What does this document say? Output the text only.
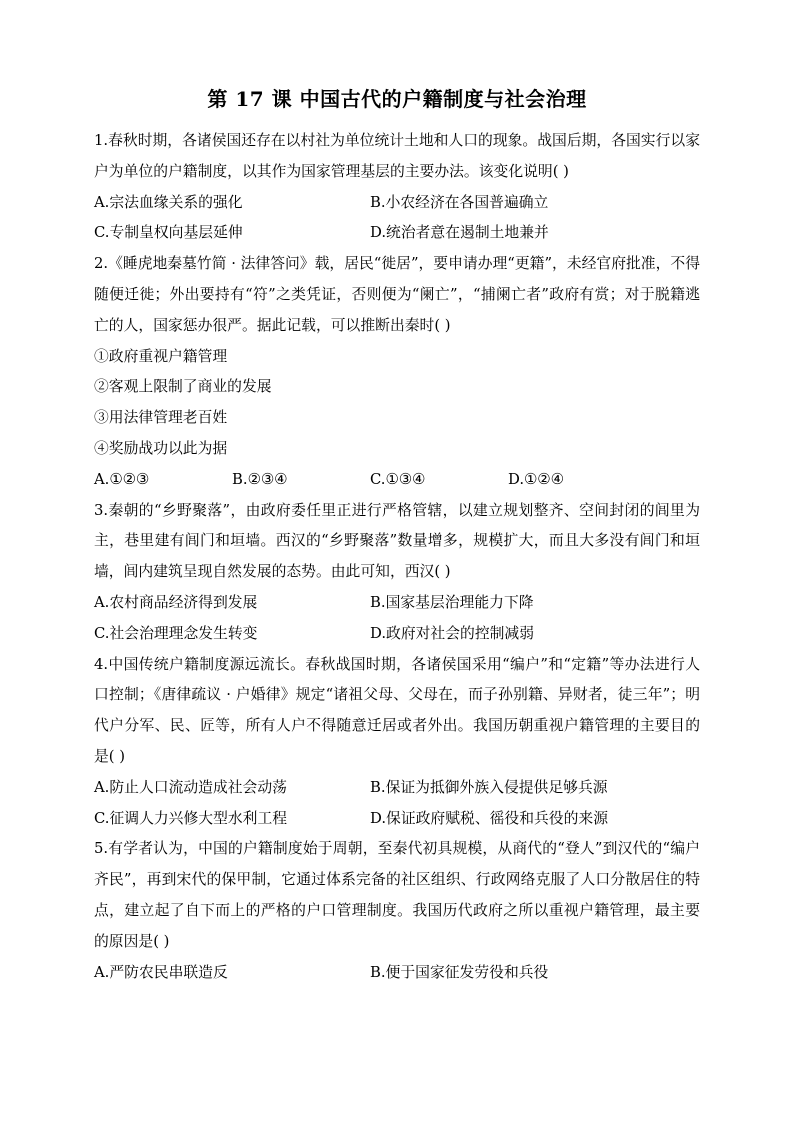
第 17 课 中国古代的户籍制度与社会治理

1.春秋时期，各诸侯国还存在以村社为单位统计土地和人口的现象。战国后期，各国实行以家户为单位的户籍制度，以其作为国家管理基层的主要办法。该变化说明( )

A.宗法血缘关系的强化	B.小农经济在各国普遍确立
C.专制皇权向基层延伸	D.统治者意在遏制土地兼并

2.《睡虎地秦墓竹简 · 法律答问》载，居民“徙居”，要申请办理“更籍”，未经官府批准，不得随便迁徙；外出要持有“符”之类凭证，否则便为“阑亡”，“捕阑亡者”政府有赏；对于脱籍逃亡的人，国家惩办很严。据此记载，可以推断出秦时( )

①政府重视户籍管理

②客观上限制了商业的发展

③用法律管理老百姓

④奖励战功以此为据

A.①②③	B.②③④	C.①③④	D.①②④

3.秦朝的“乡野聚落”，由政府委任里正进行严格管辖，以建立规划整齐、空间封闭的闾里为主，巷里建有闾门和垣墙。西汉的“乡野聚落”数量增多，规模扩大，而且大多没有闾门和垣墙，闾内建筑呈现自然发展的态势。由此可知，西汉( )

A.农村商品经济得到发展	B.国家基层治理能力下降
C.社会治理理念发生转变	D.政府对社会的控制减弱

4.中国传统户籍制度源远流长。春秋战国时期，各诸侯国采用“编户”和“定籍”等办法进行人口控制；《唐律疏议 · 户婚律》规定“诸祖父母、父母在，而子孙别籍、异财者，徒三年”；明代户分军、民、匠等，所有人户不得随意迁居或者外出。我国历朝重视户籍管理的主要目的是( )

A.防止人口流动造成社会动荡	B.保证为抵御外族入侵提供足够兵源
C.征调人力兴修大型水利工程	D.保证政府赋税、徭役和兵役的来源

5.有学者认为，中国的户籍制度始于周朝，至秦代初具规模，从商代的“登人”到汉代的“编户齐民”，再到宋代的保甲制，它通过体系完备的社区组织、行政网络克服了人口分散居住的特点，建立起了自下而上的严格的户口管理制度。我国历代政府之所以重视户籍管理，最主要的原因是( )

A.严防农民串联造反	B.便于国家征发劳役和兵役
